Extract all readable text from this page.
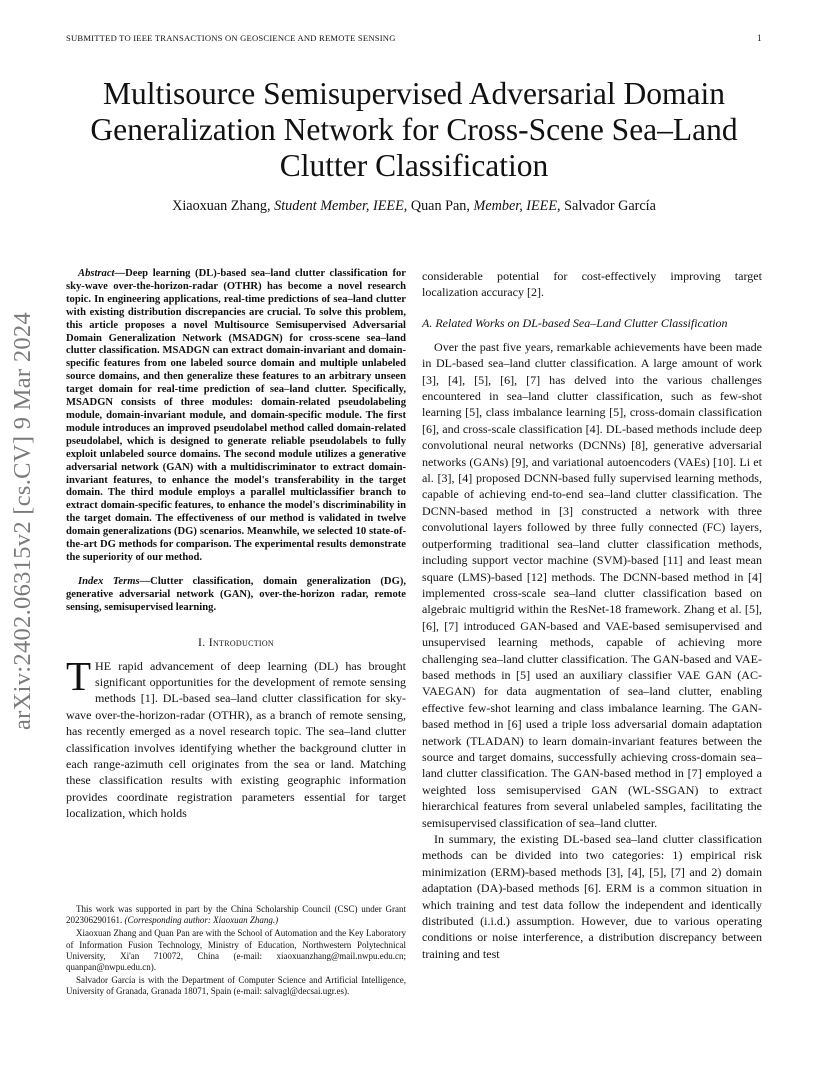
SUBMITTED TO IEEE TRANSACTIONS ON GEOSCIENCE AND REMOTE SENSING	1
arXiv:2402.06315v2 [cs.CV] 9 Mar 2024
Multisource Semisupervised Adversarial Domain Generalization Network for Cross-Scene Sea–Land Clutter Classification
Xiaoxuan Zhang, Student Member, IEEE, Quan Pan, Member, IEEE, Salvador García

Abstract—Deep learning (DL)-based sea–land clutter classification for sky-wave over-the-horizon-radar (OTHR) has become a novel research topic. In engineering applications, real-time predictions of sea–land clutter with existing distribution discrepancies are crucial. To solve this problem, this article proposes a novel Multisource Semisupervised Adversarial Domain Generalization Network (MSADGN) for cross-scene sea–land clutter classification. MSADGN can extract domain-invariant and domain-specific features from one labeled source domain and multiple unlabeled source domains, and then generalize these features to an arbitrary unseen target domain for real-time prediction of sea–land clutter. Specifically, MSADGN consists of three modules: domain-related pseudolabeling module, domain-invariant module, and domain-specific module. The first module introduces an improved pseudolabel method called domain-related pseudolabel, which is designed to generate reliable pseudolabels to fully exploit unlabeled source domains. The second module utilizes a generative adversarial network (GAN) with a multidiscriminator to extract domain-invariant features, to enhance the model's transferability in the target domain. The third module employs a parallel multiclassifier branch to extract domain-specific features, to enhance the model's discriminability in the target domain. The effectiveness of our method is validated in twelve domain generalizations (DG) scenarios. Meanwhile, we selected 10 state-of-the-art DG methods for comparison. The experimental results demonstrate the superiority of our method.

Index Terms—Clutter classification, domain generalization (DG), generative adversarial network (GAN), over-the-horizon radar, remote sensing, semisupervised learning.

I. Introduction

THE rapid advancement of deep learning (DL) has brought significant opportunities for the development of remote sensing methods [1]. DL-based sea–land clutter classification for sky-wave over-the-horizon-radar (OTHR), as a branch of remote sensing, has recently emerged as a novel research topic. The sea–land clutter classification involves identifying whether the background clutter in each range-azimuth cell originates from the sea or land. Matching these classification results with existing geographic information provides coordinate registration parameters essential for target localization, which holds

This work was supported in part by the China Scholarship Council (CSC) under Grant 202306290161. (Corresponding author: Xiaoxuan Zhang.)

Xiaoxuan Zhang and Quan Pan are with the School of Automation and the Key Laboratory of Information Fusion Technology, Ministry of Education, Northwestern Polytechnical University, Xi'an 710072, China (e-mail: xiaoxuanzhang@mail.nwpu.edu.cn; quanpan@nwpu.edu.cn).

Salvador García is with the Department of Computer Science and Artificial Intelligence, University of Granada, Granada 18071, Spain (e-mail: salvagl@decsai.ugr.es).

considerable potential for cost-effectively improving target localization accuracy [2].

A. Related Works on DL-based Sea–Land Clutter Classification

Over the past five years, remarkable achievements have been made in DL-based sea–land clutter classification. A large amount of work [3], [4], [5], [6], [7] has delved into the various challenges encountered in sea–land clutter classification, such as few-shot learning [5], class imbalance learning [5], cross-domain classification [6], and cross-scale classification [4]. DL-based methods include deep convolutional neural networks (DCNNs) [8], generative adversarial networks (GANs) [9], and variational autoencoders (VAEs) [10]. Li et al. [3], [4] proposed DCNN-based fully supervised learning methods, capable of achieving end-to-end sea–land clutter classification. The DCNN-based method in [3] constructed a network with three convolutional layers followed by three fully connected (FC) layers, outperforming traditional sea–land clutter classification methods, including support vector machine (SVM)-based [11] and least mean square (LMS)-based [12] methods. The DCNN-based method in [4] implemented cross-scale sea–land clutter classification based on algebraic multigrid within the ResNet-18 framework. Zhang et al. [5], [6], [7] introduced GAN-based and VAE-based semisupervised and unsupervised learning methods, capable of achieving more challenging sea–land clutter classification. The GAN-based and VAE-based methods in [5] used an auxiliary classifier VAE GAN (AC-VAEGAN) for data augmentation of sea–land clutter, enabling effective few-shot learning and class imbalance learning. The GAN-based method in [6] used a triple loss adversarial domain adaptation network (TLADAN) to learn domain-invariant features between the source and target domains, successfully achieving cross-domain sea–land clutter classification. The GAN-based method in [7] employed a weighted loss semisupervised GAN (WL-SSGAN) to extract hierarchical features from several unlabeled samples, facilitating the semisupervised classification of sea–land clutter.

In summary, the existing DL-based sea–land clutter classification methods can be divided into two categories: 1) empirical risk minimization (ERM)-based methods [3], [4], [5], [7] and 2) domain adaptation (DA)-based methods [6]. ERM is a common situation in which training and test data follow the independent and identically distributed (i.i.d.) assumption. However, due to various operating conditions or noise interference, a distribution discrepancy between training and test
